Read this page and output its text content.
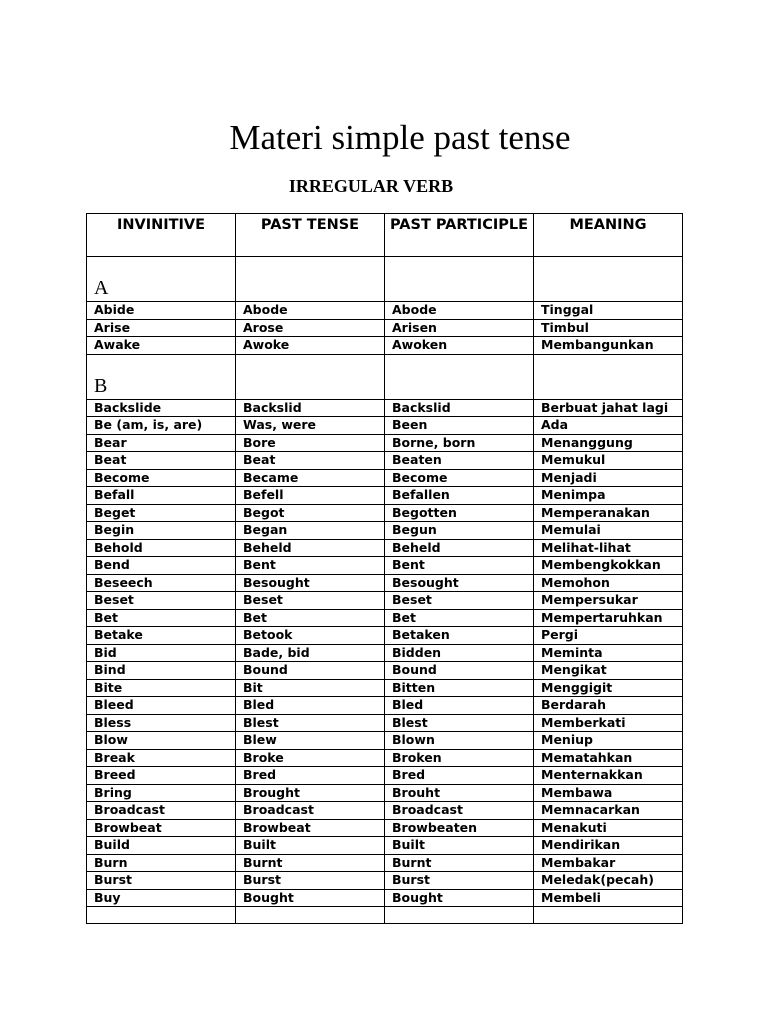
Materi simple past tense
IRREGULAR VERB
INVINITIVE	PAST TENSE	PAST PARTICIPLE	MEANING
A			
Abide	Abode	Abode	Tinggal
Arise	Arose	Arisen	Timbul
Awake	Awoke	Awoken	Membangunkan
B			
Backslide	Backslid	Backslid	Berbuat jahat lagi
Be (am, is, are)	Was, were	Been	Ada
Bear	Bore	Borne, born	Menanggung
Beat	Beat	Beaten	Memukul
Become	Became	Become	Menjadi
Befall	Befell	Befallen	Menimpa
Beget	Begot	Begotten	Memperanakan
Begin	Began	Begun	Memulai
Behold	Beheld	Beheld	Melihat-lihat
Bend	Bent	Bent	Membengkokkan
Beseech	Besought	Besought	Memohon
Beset	Beset	Beset	Mempersukar
Bet	Bet	Bet	Mempertaruhkan
Betake	Betook	Betaken	Pergi
Bid	Bade, bid	Bidden	Meminta
Bind	Bound	Bound	Mengikat
Bite	Bit	Bitten	Menggigit
Bleed	Bled	Bled	Berdarah
Bless	Blest	Blest	Memberkati
Blow	Blew	Blown	Meniup
Break	Broke	Broken	Mematahkan
Breed	Bred	Bred	Menternakkan
Bring	Brought	Brouht	Membawa
Broadcast	Broadcast	Broadcast	Memnacarkan
Browbeat	Browbeat	Browbeaten	Menakuti
Build	Built	Built	Mendirikan
Burn	Burnt	Burnt	Membakar
Burst	Burst	Burst	Meledak(pecah)
Buy	Bought	Bought	Membeli
